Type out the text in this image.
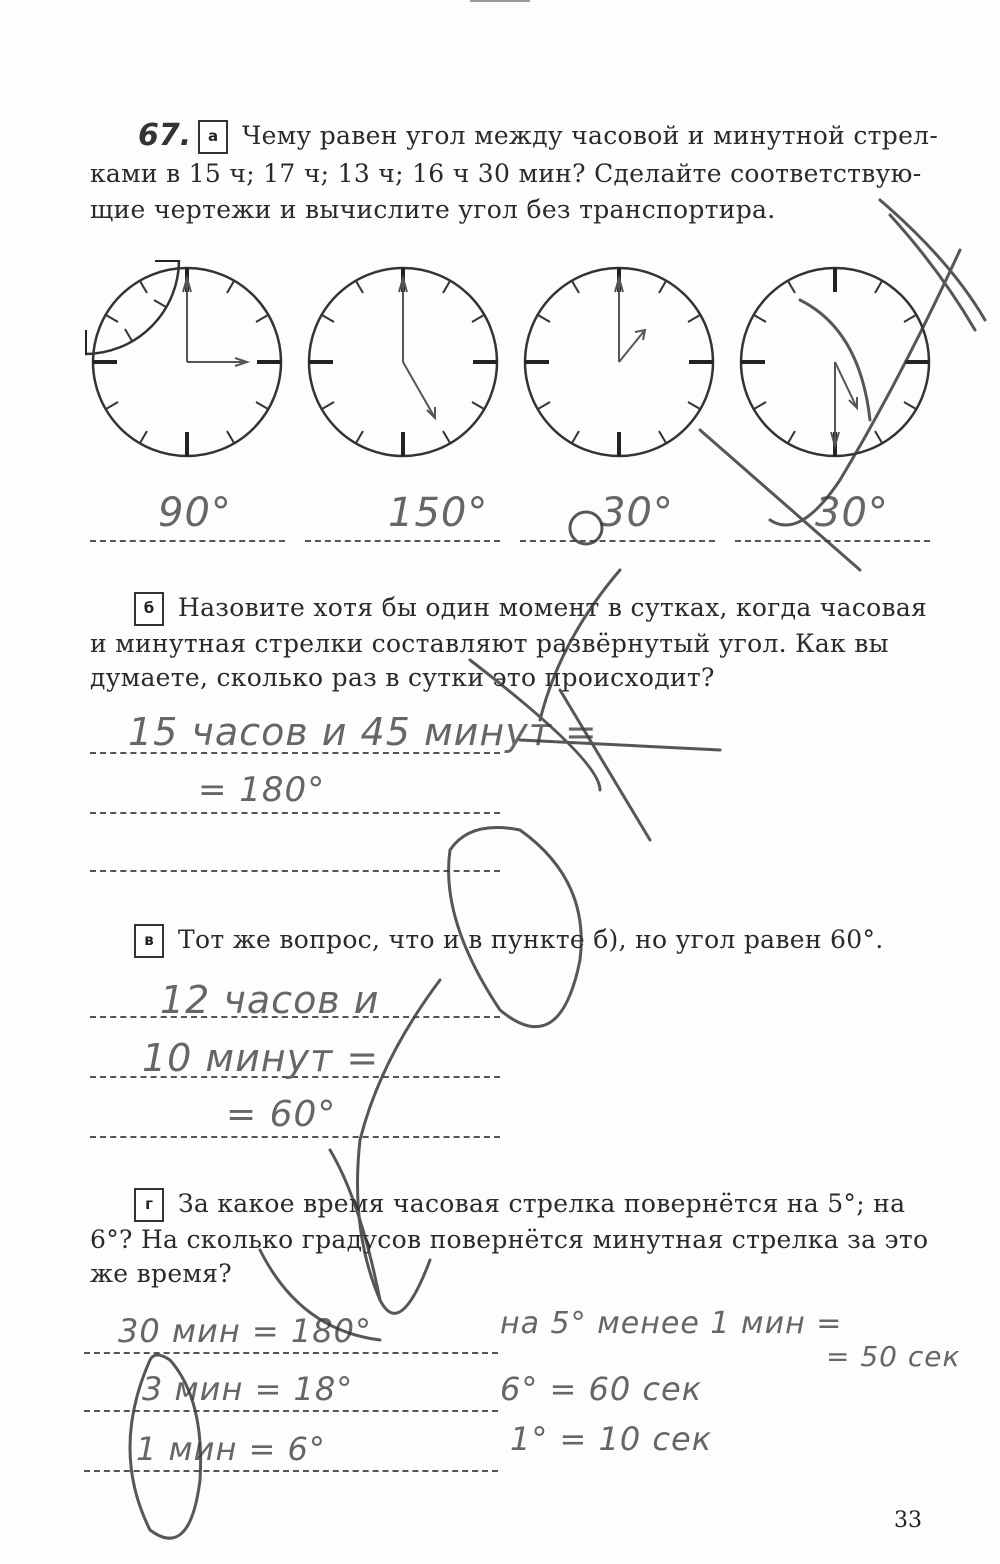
67.	а Чему равен угол между часовой и минутной стрел-
ками в 15 ч; 17 ч; 13 ч; 16 ч 30 мин? Сделайте соответствую-
щие чертежи и вычислите угол без транспортира.
90°	150°	30°	30°
б Назовите хотя бы один момент в сутках, когда часовая
и минутная стрелки составляют развёрнутый угол. Как вы
думаете, сколько раз в сутки это происходит?
15 часов и 45 минут =
= 180°
в Тот же вопрос, что и в пункте б), но угол равен 60°.
12 часов и
10 минут =
= 60°
г	За какое время часовая стрелка повернётся на 5°; на
6°? На сколько градусов повернётся минутная стрелка за это
же время?
30 мин = 180°
3 мин = 18°
1 мин = 6°
на 5° менее 1 мин =
= 50 сек
6° = 60 сек
1° = 10 сек
33
